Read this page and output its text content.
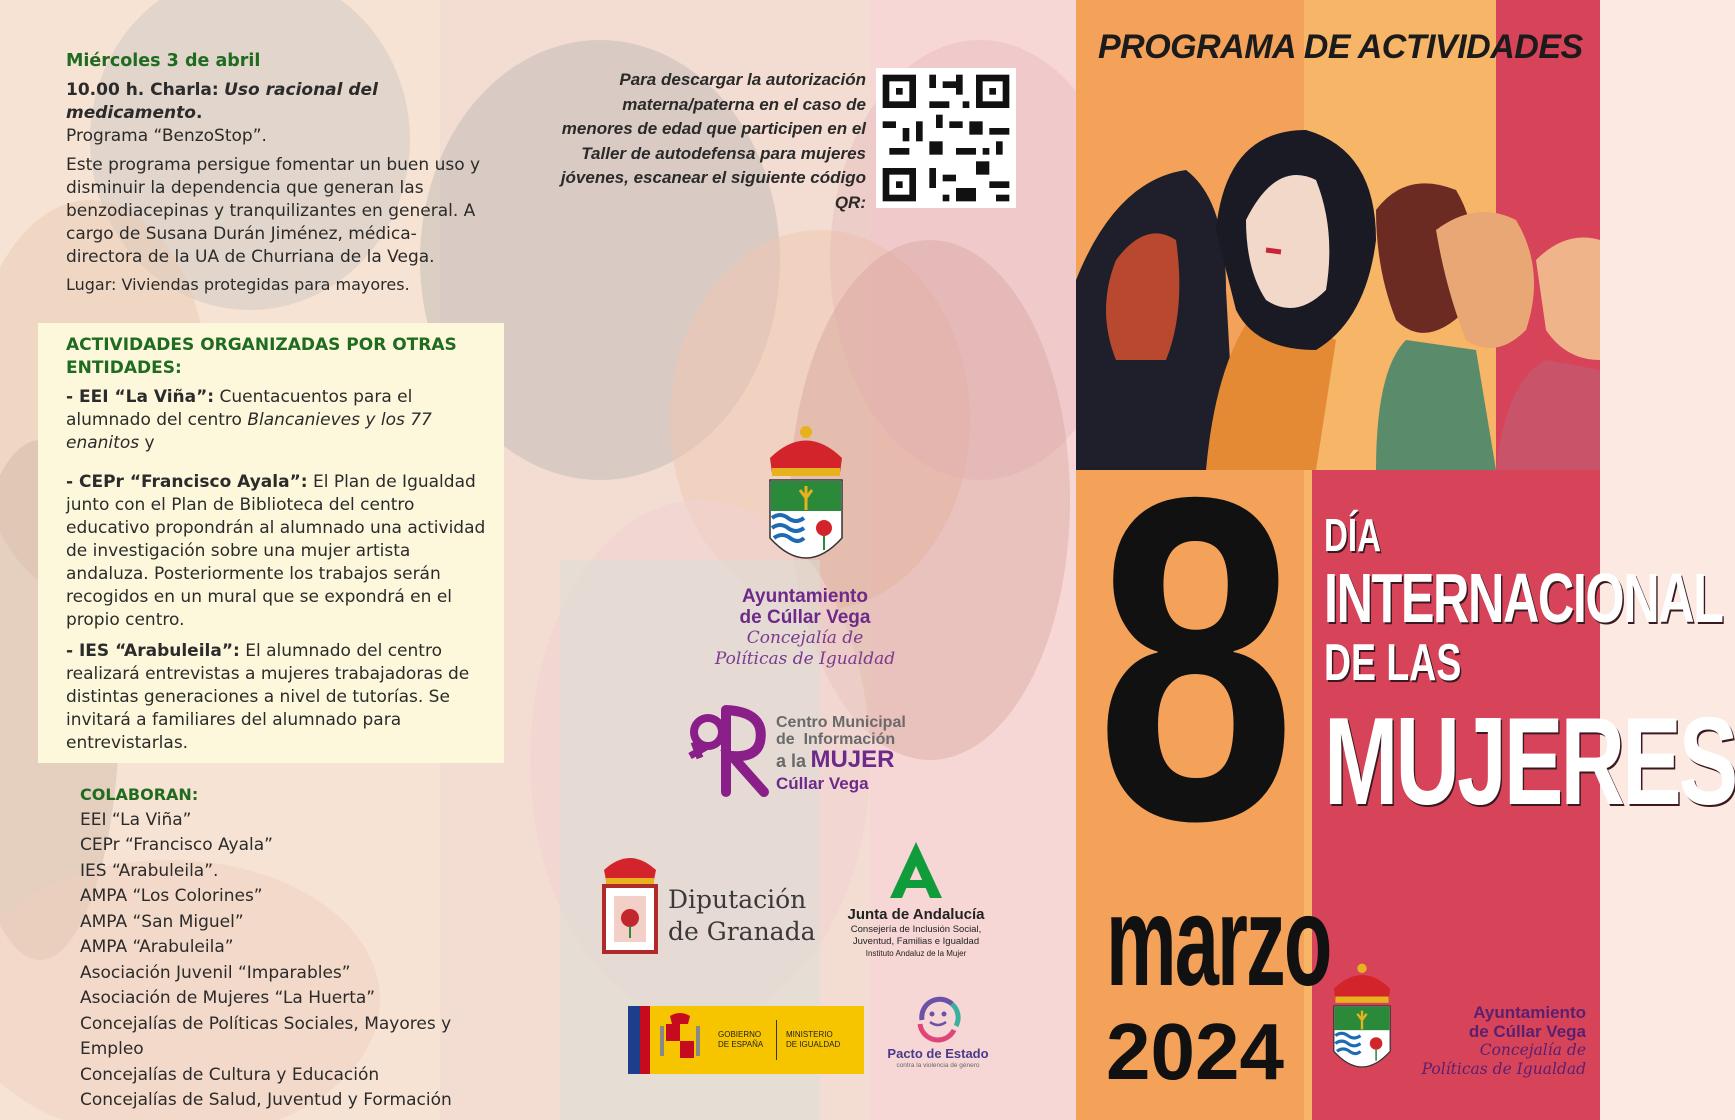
Miércoles 3 de abril

10.00 h. Charla: Uso racional del medicamento.

Programa “BenzoStop”.

Este programa persigue fomentar un buen uso y disminuir la dependencia que generan las benzodiacepinas y tranquilizantes en general. A cargo de Susana Durán Jiménez, médica-directora de la UA de Churriana de la Vega.

Lugar: Viviendas protegidas para mayores.

ACTIVIDADES ORGANIZADAS POR OTRAS ENTIDADES:

- EEI “La Viña”: Cuentacuentos para el alumnado del centro Blancanieves y los 77 enanitos y

- CEPr “Francisco Ayala”: El Plan de Igualdad junto con el Plan de Biblioteca del centro educativo propondrán al alumnado una actividad de investigación sobre una mujer artista andaluza. Posteriormente los trabajos serán recogidos en un mural que se expondrá en el propio centro.

- IES “Arabuleila”: El alumnado del centro realizará entrevistas a mujeres trabajadoras de distintas generaciones a nivel de tutorías. Se invitará a familiares del alumnado para entrevistarlas.

COLABORAN:
EEI “La Viña”
CEPr “Francisco Ayala”
IES “Arabuleila”.
AMPA “Los Colorines”
AMPA “San Miguel”
AMPA “Arabuleila”
Asociación Juvenil “Imparables”
Asociación de Mujeres “La Huerta”
Concejalías de Políticas Sociales, Mayores y Empleo
Concejalías de Cultura y Educación
Concejalías de Salud, Juventud y Formación
Para descargar la autorización materna/paterna en el caso de menores de edad que participen en el Taller de autodefensa para mujeres jóvenes, escanear el siguiente código QR:
Ayuntamiento
de Cúllar Vega
Concejalía de
Políticas de Igualdad
Centro Municipal
de  Información
a la MUJER
Cúllar Vega
Diputación
de Granada
Junta de Andalucía
Consejería de Inclusión Social,
Juventud, Familias e Igualdad
Instituto Andaluz de la Mujer
GOBIERNO
DE ESPAÑA
MINISTERIO
DE IGUALDAD
Pacto de Estado
contra la violencia de género
PROGRAMA DE ACTIVIDADES
8
marzo
2024
DÍA
INTERNACIONAL
DE LAS
MUJERES
Ayuntamiento
de Cúllar Vega
Concejalía de
Políticas de Igualdad
